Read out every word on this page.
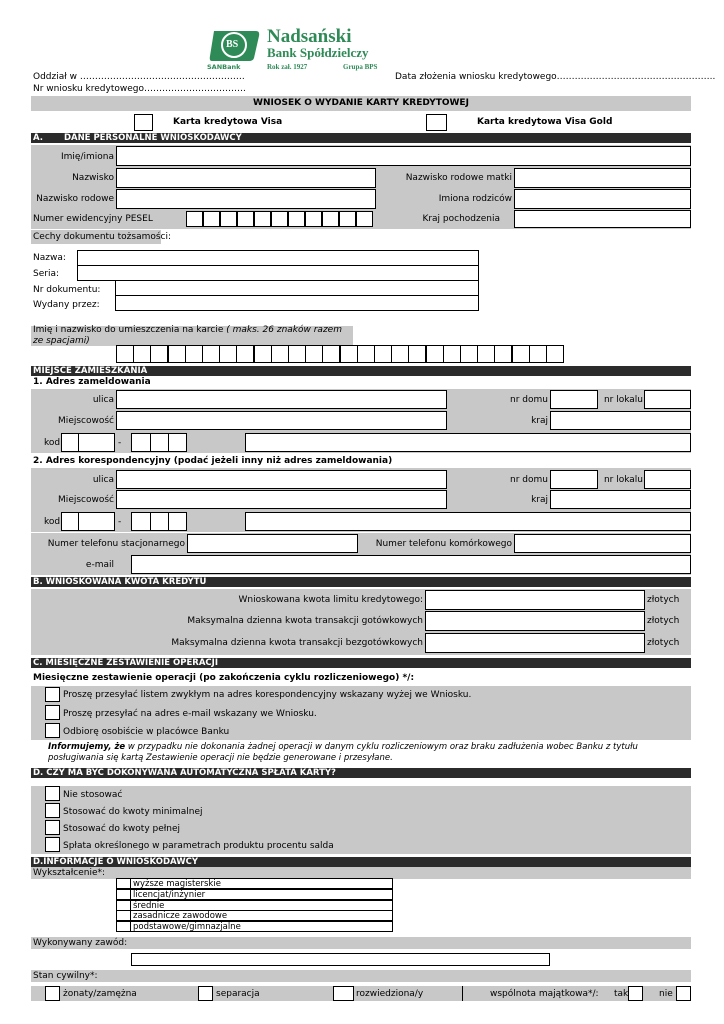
BS
SANBank
Nadsański
Bank Spółdzielczy
Rok zał. 1927	Grupa BPS
Oddział w ……………………………………………….	Data złożenia wniosku kredytowego……………………………………………..
Nr wniosku kredytowego…………………………….
WNIOSEK O WYDANIE KARTY KREDYTOWEJ
Karta kredytowa Visa	Karta kredytowa Visa Gold
A. DANE PERSONALNE WNIOSKODAWCY
Imię/imiona
Nazwisko	Nazwisko rodowe matki
Nazwisko rodowe	Imiona rodziców
Numer ewidencyjny PESEL	Kraj pochodzenia
Cechy dokumentu tożsamości:
Nazwa:
Seria:
Nr dokumentu:
Wydany przez:
Imię i nazwisko do umieszczenia na karcie ( maks. 26 znaków razem ze spacjami)
MIEJSCE ZAMIESZKANIA
1. Adres zameldowania
ulica	nr domu	nr lokalu
Miejscowość	kraj
kod	-
2. Adres korespondencyjny (podać jeżeli inny niż adres zameldowania)
ulica	nr domu	nr lokalu
Miejscowość	kraj
kod	-
Numer telefonu stacjonarnego	Numer telefonu komórkowego
e-mail
B. WNIOSKOWANA KWOTA KREDYTU
Wnioskowana kwota limitu kredytowego:	złotych
Maksymalna dzienna kwota transakcji gotówkowych	złotych
Maksymalna dzienna kwota transakcji bezgotówkowych	złotych
C. MIESIĘCZNE ZESTAWIENIE OPERACJI
Miesięczne zestawienie operacji (po zakończenia cyklu rozliczeniowego) */:
Proszę przesyłać listem zwykłym na adres korespondencyjny wskazany wyżej we Wniosku.
Proszę przesyłać na adres e-mail wskazany we Wniosku.
Odbiorę osobiście w placówce Banku
Informujemy, że w przypadku nie dokonania żadnej operacji w danym cyklu rozliczeniowym oraz braku zadłużenia wobec Banku z tytułu
posługiwania się kartą Zestawienie operacji nie będzie generowane i przesyłane.
D. CZY MA BYĆ DOKONYWANA AUTOMATYCZNA SPŁATA KARTY?
Nie stosować
Stosować do kwoty minimalnej
Stosować do kwoty pełnej
Spłata określonego w parametrach produktu procentu salda
D.INFORMACJE O WNIOSKODAWCY
Wykształcenie*:
wyższe magisterskie
licencjat/inżynier
średnie
zasadnicze zawodowe
podstawowe/gimnazjalne
Wykonywany zawód:
Stan cywilny*:
żonaty/zamężna	separacja	rozwiedziona/y	wspólnota majątkowa*/: tak	nie
